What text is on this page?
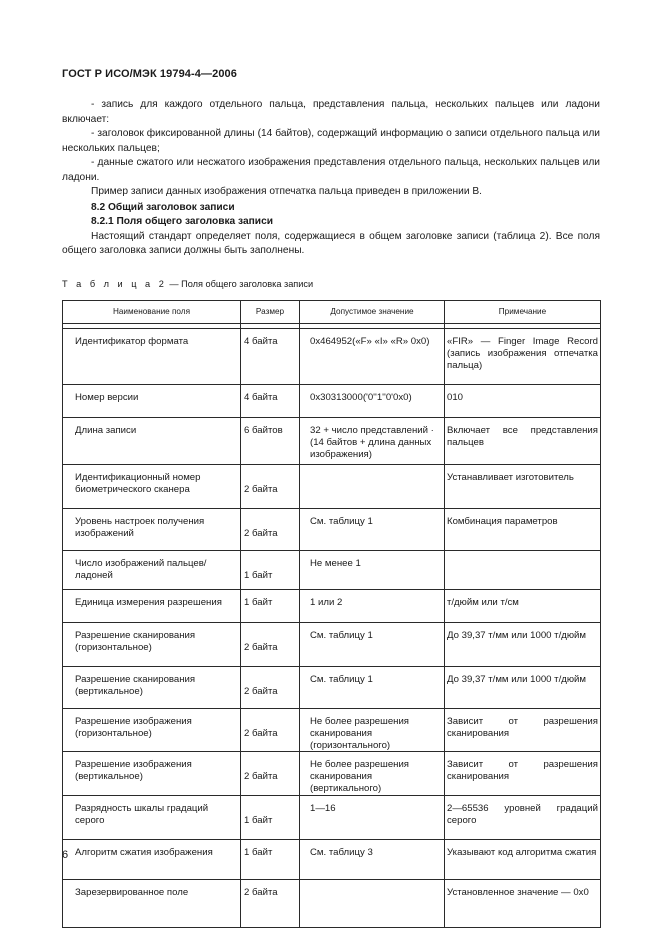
ГОСТ Р ИСО/МЭК 19794-4—2006

- запись для каждого отдельного пальца, представления пальца, нескольких пальцев или ладони включает:

- заголовок фиксированной длины (14 байтов), содержащий информацию о записи отдельного пальца или нескольких пальцев;

- данные сжатого или несжатого изображения представления отдельного пальца, нескольких пальцев или ладони.

Пример записи данных изображения отпечатка пальца приведен в приложении B.

8.2 Общий заголовок записи

8.2.1 Поля общего заголовка записи

Настоящий стандарт определяет поля, содержащиеся в общем заголовке записи (таблица 2). Все поля общего заголовка записи должны быть заполнены.

Т а б л и ц а 2 — Поля общего заголовка записи
Наименование поля	Размер	Допустимое значение	Примечание

Идентификатор формата	4 байта	0x464952(«F» «I» «R» 0x0)	«FIR» — Finger Image Record (запись изображения отпечатка пальца)

Номер версии	4 байта	0x30313000('0''1''0'0x0)	010

Длина записи	6 байтов	32 + число представлений · (14 байтов + длина данных изображения)	Включает все представления пальцев

Идентификационный номер биометрического сканера	2 байта		Устанавливает изготовитель

Уровень настроек получения изображений	2 байта	См. таблицу 1	Комбинация параметров

Число изображений пальцев/ладоней	1 байт	Не менее 1	

Единица измерения разрешения	1 байт	1 или 2	т/дюйм или т/см

Разрешение сканирования (горизонтальное)	2 байта	См. таблицу 1	До 39,37 т/мм или 1000 т/дюйм

Разрешение сканирования (вертикальное)	2 байта	См. таблицу 1	До 39,37 т/мм или 1000 т/дюйм

Разрешение изображения (горизонтальное)	2 байта	Не более разрешения сканирования (горизонтального)	Зависит от разрешения сканирования

Разрешение изображения (вертикальное)	2 байта	Не более разрешения сканирования (вертикального)	Зависит от разрешения сканирования

Разрядность шкалы градаций серого	1 байт	1—16	2—65536 уровней градаций серого

Алгоритм сжатия изображения	1 байт	См. таблицу 3	Указывают код алгоритма сжатия

Зарезервированное поле	2 байта		Установленное значение — 0x0
6
